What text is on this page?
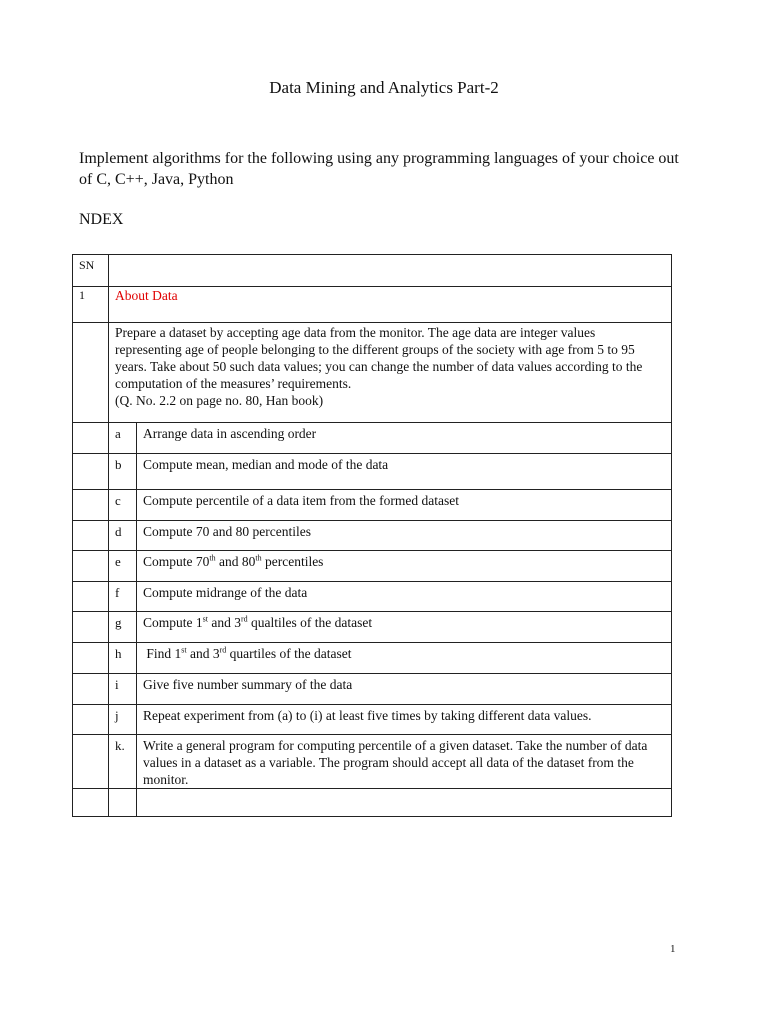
Data Mining and Analytics Part-2
Implement algorithms for the following using any programming languages of your choice out of C, C++, Java, Python
NDEX
SN		
1	About Data	

	Prepare a dataset by accepting age data from the monitor. The age data are integer values representing age of people belonging to the different groups of the society with age from 5 to 95 years. Take about 50 such data values; you can change the number of data values according to the computation of the measures’ requirements.
(Q. No. 2.2 on page no. 80, Han book)	

	a	Arrange data in ascending order
	b	Compute mean, median and mode of the data
	c	Compute percentile of a data item from the formed dataset
	d	Compute 70 and 80 percentiles
	e	Compute 70th and 80th percentiles
	f	Compute midrange of the data
	g	Compute 1st and 3rd qualtiles of the dataset
	h	Find 1st and 3rd quartiles of the dataset
	i	Give five number summary of the data
	j	Repeat experiment from (a) to (i) at least five times by taking different data values.
	k.	Write a general program for computing percentile of a given dataset. Take the number of data values in a dataset as a variable. The program should accept all data of the dataset from the monitor.

1
